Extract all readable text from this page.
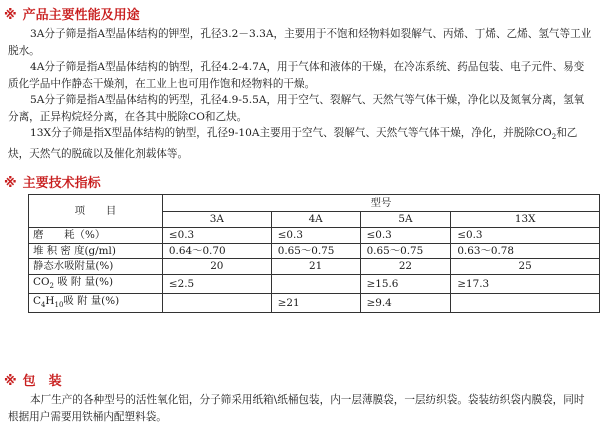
※ 产品主要性能及用途

3A分子筛是指A型晶体结构的钾型，孔径3.2－3.3A，主要用于不饱和烃物料如裂解气、丙烯、丁烯、乙烯、氢气等工业脱水。

4A分子筛是指A型晶体结构的钠型，孔径4.2-4.7A，用于气体和液体的干燥，在冷冻系统、药品包装、电子元件、易变质化学品中作静态干燥剂，在工业上也可用作饱和烃物料的干燥。

5A分子筛是指A型晶体结构的钙型，孔径4.9-5.5A，用于空气、裂解气、天然气等气体干燥，净化以及氮氧分离，氢氧分离，正异构烷烃分离，在各其中脱除CO和乙炔。

13X分子筛是指X型晶体结构的钠型，孔径9-10A主要用于空气、裂解气、天然气等气体干燥，净化，并脱除$CO_2$和乙炔，天然气的脱硫以及催化剂载体等。

※ 主要技术指标
项　　目	型号			
	3A	4A	5A	13X
磨　　耗（%）	≤0.3	≤0.3	≤0.3	≤0.3
堆 积 密 度(g/ml)	0.64～0.70	0.65～0.75	0.65～0.75	0.63～0.78
静态水吸附量(%)	20	21	22	25
$CO_2$ 吸 附 量(%)	≤2.5		≥15.6	≥17.3
$C_4H_{10}$吸 附 量(%)		≥21	≥9.4	
※ 包　装

本厂生产的各种型号的活性氧化铝，分子筛采用纸箱\纸桶包装，内一层薄膜袋，一层纺织袋。袋装纺织袋内膜袋，同时根据用户需要用铁桶内配塑料袋。
